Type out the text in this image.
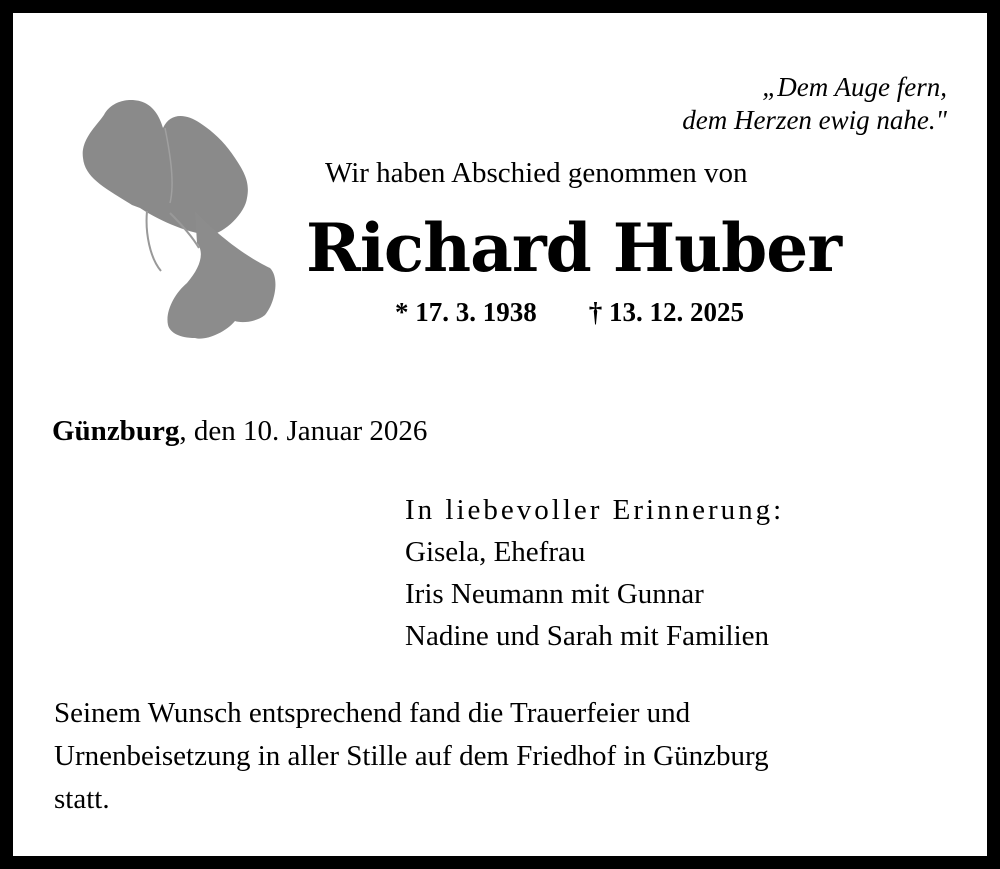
„Dem Auge fern,
dem Herzen ewig nahe."
Wir haben Abschied genommen von
Richard Huber
* 17. 3. 1938 † 13. 12. 2025
Günzburg, den 10. Januar 2026
In liebevoller Erinnerung:
Gisela, Ehefrau
Iris Neumann mit Gunnar
Nadine und Sarah mit Familien
Seinem Wunsch entsprechend fand die Trauerfeier und
Urnenbeisetzung in aller Stille auf dem Friedhof in Günzburg
statt.
